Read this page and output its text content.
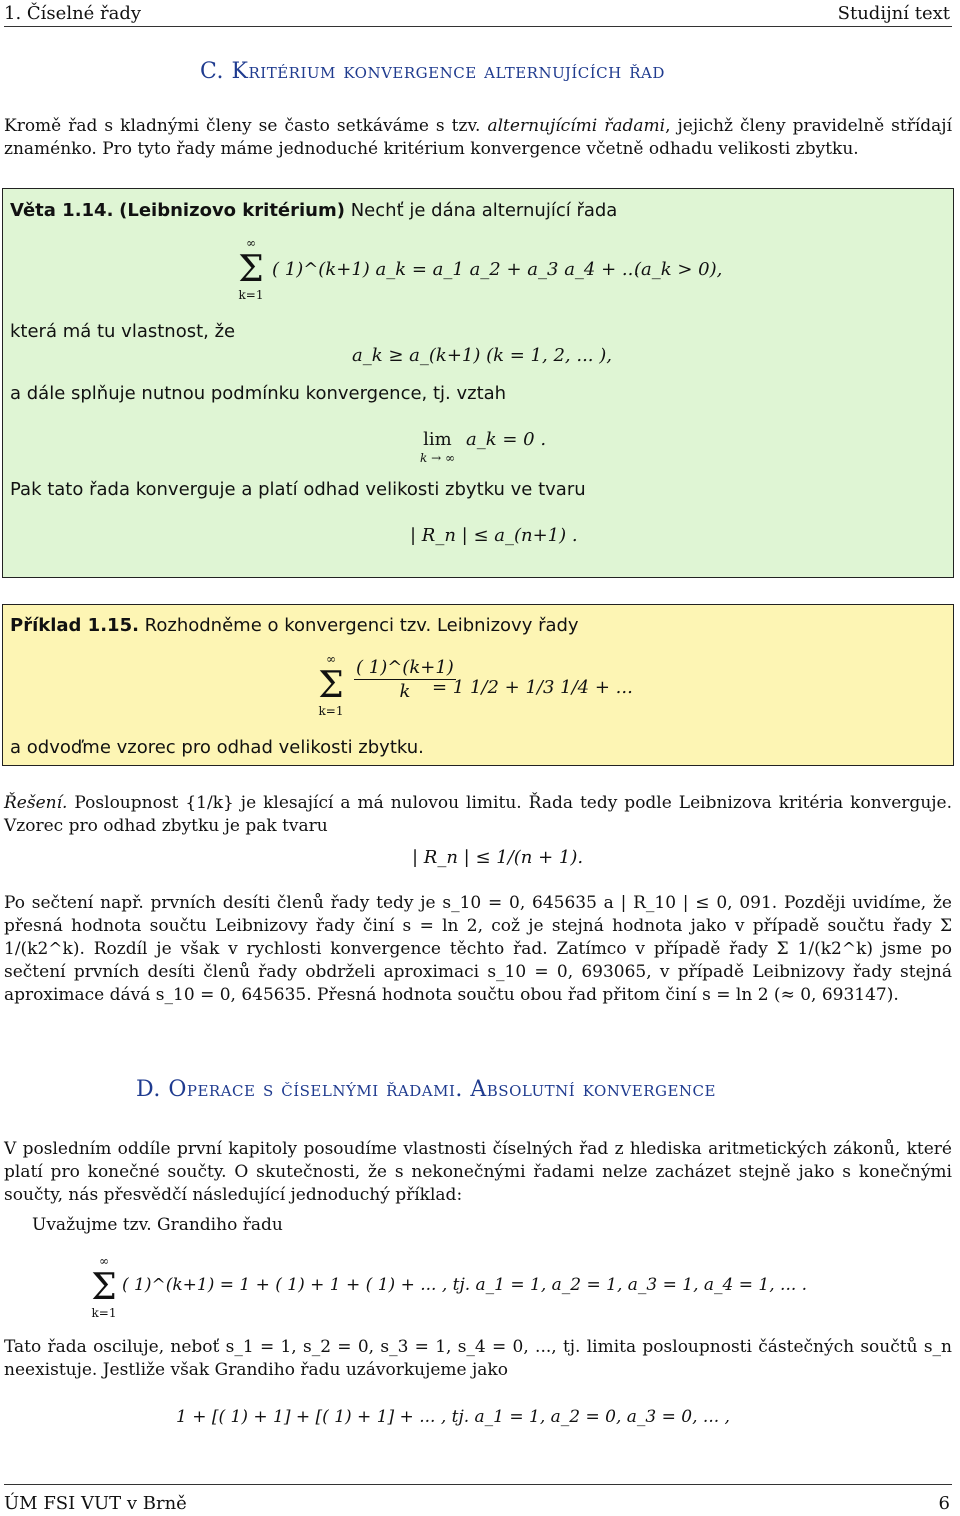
1. Číselné řady	Studijní text
C. Kritérium konvergence alternujících řad
Kromě řad s kladnými členy se často setkáváme s tzv. alternujícími řadami, jejichž členy pravidelně střídají znaménko. Pro tyto řady máme jednoduché kritérium konvergence včetně odhadu velikosti zbytku.
Věta 1.14. (Leibnizovo kritérium) Nechť je dána alternující řada
∞
Σ
k=1
( 1)^(k+1) a_k = a_1 a_2 + a_3 a_4 + ...
(a_k > 0),
která má tu vlastnost, že
a_k ≥ a_(k+1) (k = 1, 2, ... ),
a dále splňuje nutnou podmínku konvergence, tj. vztah
lim
k → ∞
a_k = 0 .
Pak tato řada konverguje a platí odhad velikosti zbytku ve tvaru
| R_n | ≤ a_(n+1) .
Příklad 1.15. Rozhodněme o konvergenci tzv. Leibnizovy řady
∞
Σ
k=1
$\frac{( 1)\^{}(k+1)}{k}$
= 1 1/2 + 1/3 1/4 + ...
a odvoďme vzorec pro odhad velikosti zbytku.
Řešení. Posloupnost {1/k} je klesající a má nulovou limitu. Řada tedy podle Leibnizova kritéria konverguje. Vzorec pro odhad zbytku je pak tvaru
| R_n | ≤ 1/(n + 1).
Po sečtení např. prvních desíti členů řady tedy je s_10 = 0, 645635 a | R_10 | ≤ 0, 091. Později uvidíme, že přesná hodnota součtu Leibnizovy řady činí s = ln 2, což je stejná hodnota jako v případě součtu řady Σ 1/(k2^k). Rozdíl je však v rychlosti konvergence těchto řad. Zatímco v případě řady Σ 1/(k2^k) jsme po sečtení prvních desíti členů řady obdrželi aproximaci s_10 = 0, 693065, v případě Leibnizovy řady stejná aproximace dává s_10 = 0, 645635. Přesná hodnota součtu obou řad přitom činí s = ln 2 (≈ 0, 693147).
D. Operace s číselnými řadami. Absolutní konvergence
V posledním oddíle první kapitoly posoudíme vlastnosti číselných řad z hlediska aritmetických zákonů, které platí pro konečné součty. O skutečnosti, že s nekonečnými řadami nelze zacházet stejně jako s konečnými součty, nás přesvědčí následující jednoduchý příklad:
Uvažujme tzv. Grandiho řadu
∞
Σ
k=1
( 1)^(k+1) = 1 + ( 1) + 1 + ( 1) + ... , tj. a_1 = 1, a_2 = 1, a_3 = 1, a_4 = 1, ... .
Tato řada osciluje, neboť s_1 = 1, s_2 = 0, s_3 = 1, s_4 = 0, ..., tj. limita posloupnosti částečných součtů s_n neexistuje. Jestliže však Grandiho řadu uzávorkujeme jako
1 + [( 1) + 1] + [( 1) + 1] + ... , tj. a_1 = 1, a_2 = 0, a_3 = 0, ... ,
ÚM FSI VUT v Brně	6
